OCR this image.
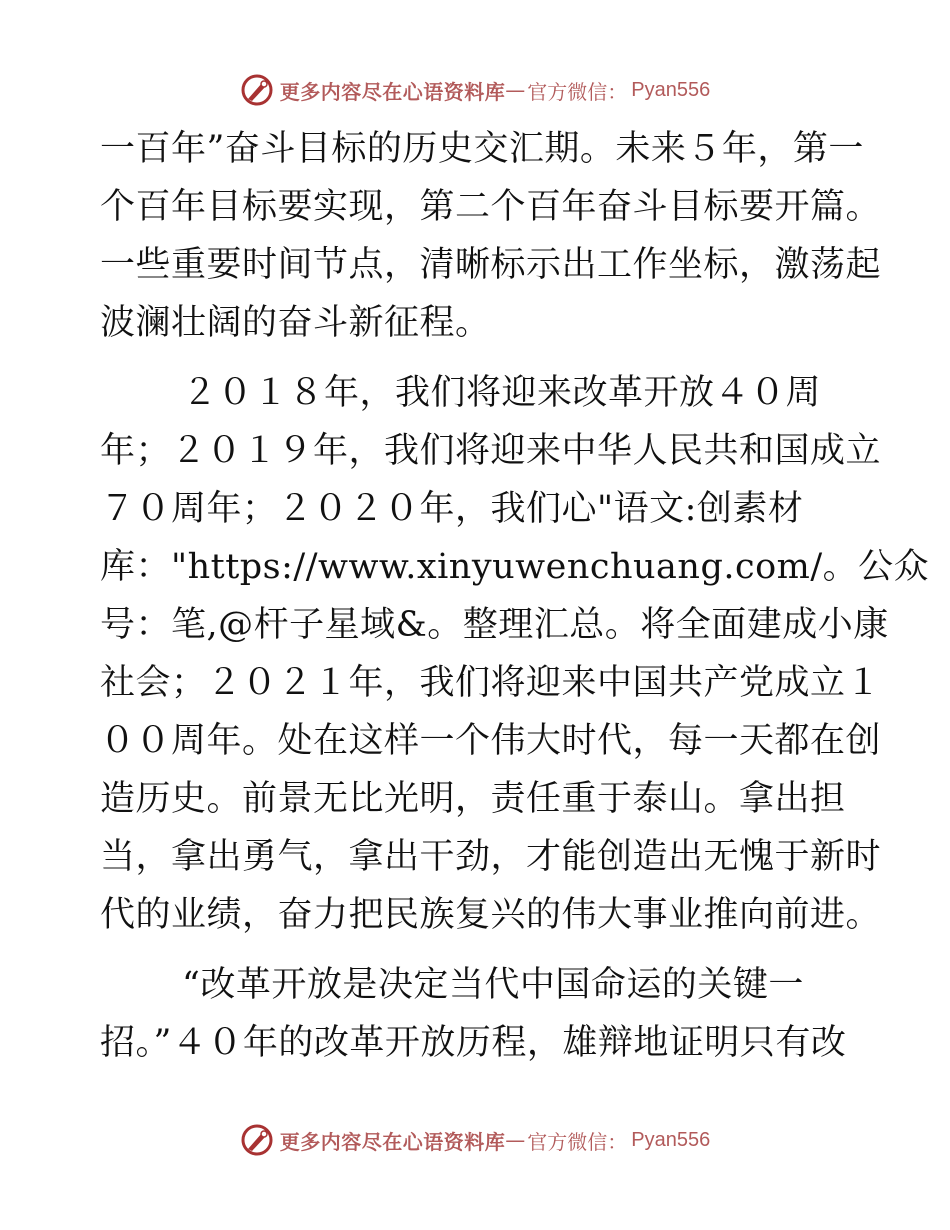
更多内容尽在心语资料库 — 官方微信： Pyan556
一百年”奋斗目标的历史交汇期。未来５年，第一
个百年目标要实现，第二个百年奋斗目标要开篇。
一些重要时间节点，清晰标示出工作坐标，激荡起
波澜壮阔的奋斗新征程。
２０１８年，我们将迎来改革开放４０周
年；２０１９年，我们将迎来中华人民共和国成立
７０周年；２０２０年，我们心"语文:创素材
库："https://www.xinyuwenchuang.com/。公众
号：笔,@杆子星域&。整理汇总。将全面建成小康
社会；２０２１年，我们将迎来中国共产党成立１
００周年。处在这样一个伟大时代，每一天都在创
造历史。前景无比光明，责任重于泰山。拿出担
当，拿出勇气，拿出干劲，才能创造出无愧于新时
代的业绩，奋力把民族复兴的伟大事业推向前进。
“改革开放是决定当代中国命运的关键一
招。”４０年的改革开放历程，雄辩地证明只有改
更多内容尽在心语资料库 — 官方微信： Pyan556
